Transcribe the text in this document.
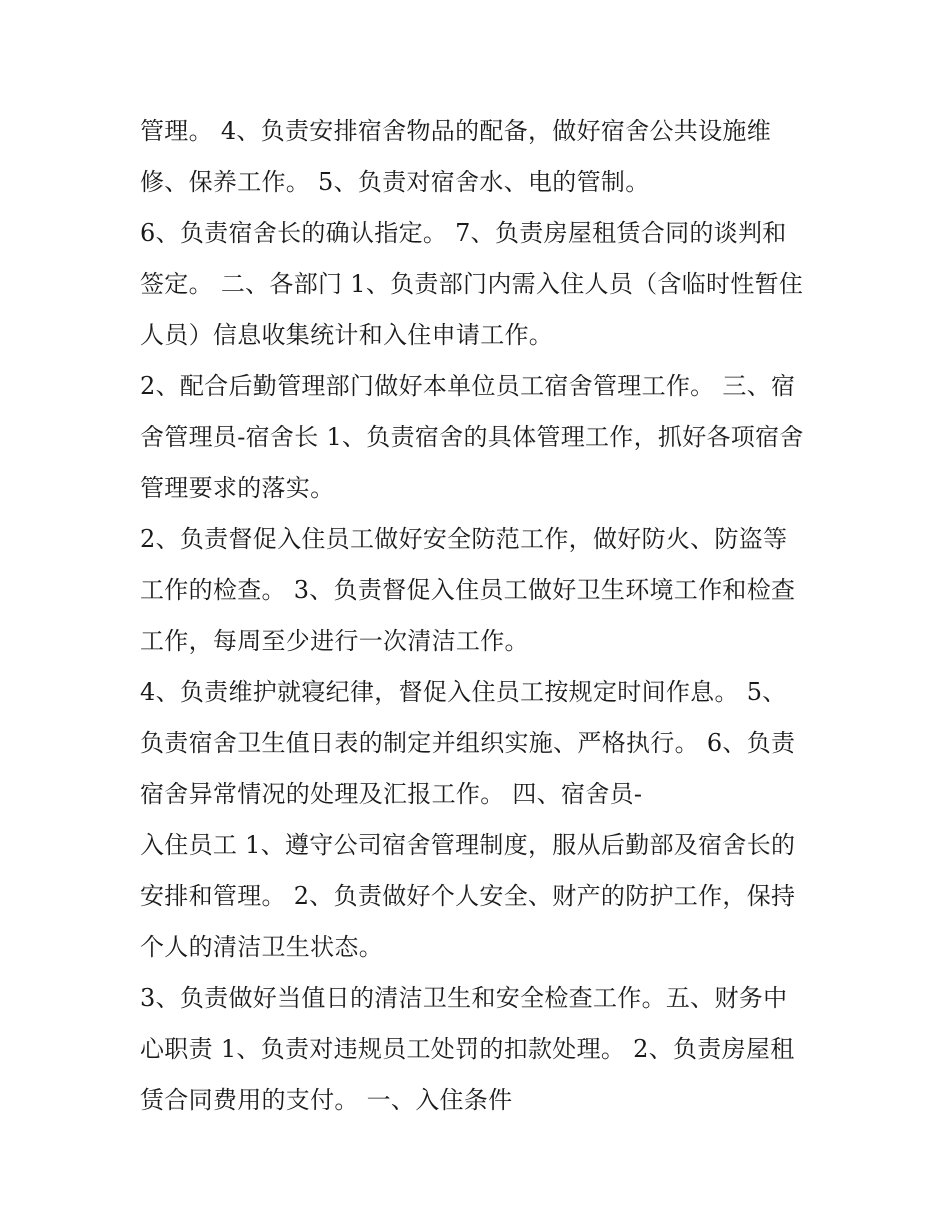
管理。 4、负责安排宿舍物品的配备，做好宿舍公共设施维
修、保养工作。 5、负责对宿舍水、电的管制。
6、负责宿舍长的确认指定。 7、负责房屋租赁合同的谈判和
签定。 二、各部门 1、负责部门内需入住人员（含临时性暂住
人员）信息收集统计和入住申请工作。
2、配合后勤管理部门做好本单位员工宿舍管理工作。 三、宿
舍管理员-宿舍长 1、负责宿舍的具体管理工作，抓好各项宿舍
管理要求的落实。
2、负责督促入住员工做好安全防范工作，做好防火、防盗等
工作的检查。 3、负责督促入住员工做好卫生环境工作和检查
工作，每周至少进行一次清洁工作。
4、负责维护就寝纪律，督促入住员工按规定时间作息。 5、
负责宿舍卫生值日表的制定并组织实施、严格执行。 6、负责
宿舍异常情况的处理及汇报工作。 四、宿舍员-
入住员工 1、遵守公司宿舍管理制度，服从后勤部及宿舍长的
安排和管理。 2、负责做好个人安全、财产的防护工作，保持
个人的清洁卫生状态。
3、负责做好当值日的清洁卫生和安全检查工作。五、财务中
心职责 1、负责对违规员工处罚的扣款处理。 2、负责房屋租
赁合同费用的支付。 一、入住条件
